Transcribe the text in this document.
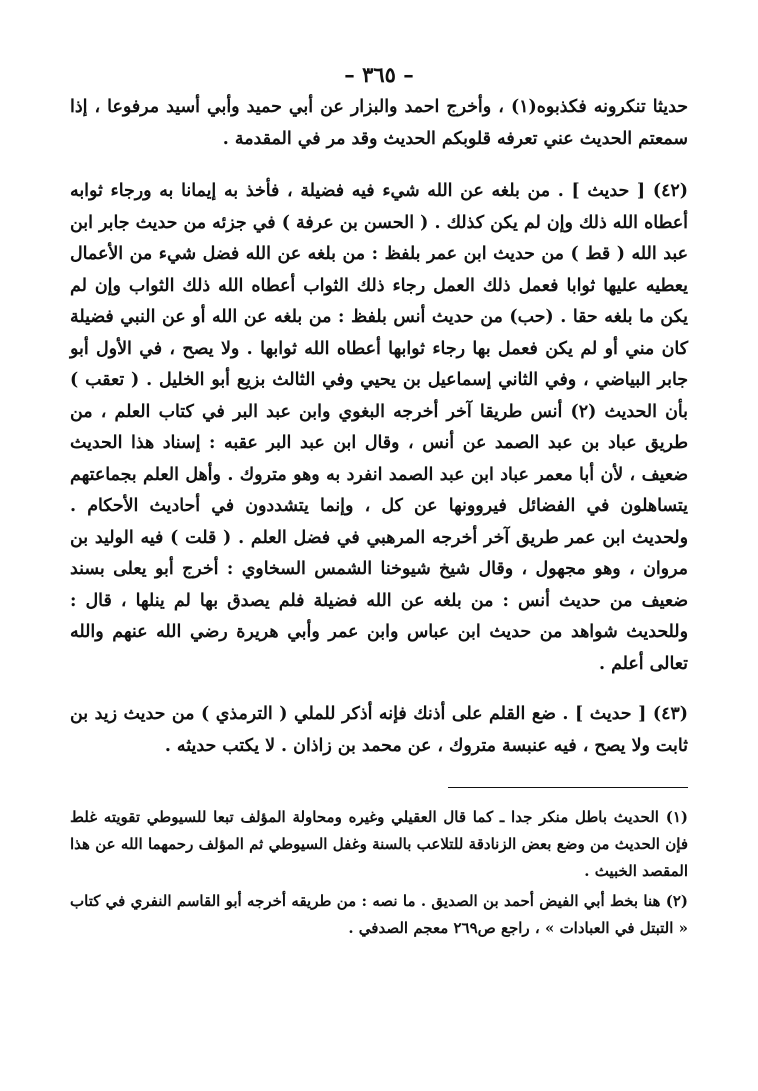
– ٣٦٥ –

حديثا تنكرونه فكذبوه(١) ، وأخرج احمد والبزار عن أبي حميد وأبي أسيد مرفوعا ، إذا سمعتم الحديث عني تعرفه قلوبكم الحديث وقد مر في المقدمة .

(٤٢) [ حديث ] . من بلغه عن الله شيء فيه فضيلة ، فأخذ به إيمانا به ورجاء ثوابه أعطاه الله ذلك وإن لم يكن كذلك . ( الحسن بن عرفة ) في جزئه من حديث جابر ابن عبد الله ( قط ) من حديث ابن عمر بلفظ : من بلغه عن الله فضل شيء من الأعمال يعطيه عليها ثوابا فعمل ذلك العمل رجاء ذلك الثواب أعطاه الله ذلك الثواب وإن لم يكن ما بلغه حقا . (حب) من حديث أنس بلفظ : من بلغه عن الله أو عن النبي فضيلة كان مني أو لم يكن فعمل بها رجاء ثوابها أعطاه الله ثوابها . ولا يصح ، في الأول أبو جابر البياضي ، وفي الثاني إسماعيل بن يحيي وفي الثالث بزيع أبو الخليل . ( تعقب ) بأن الحديث (٢) أنس طريقا آخر أخرجه البغوي وابن عبد البر في كتاب العلم ، من طريق عباد بن عبد الصمد عن أنس ، وقال ابن عبد البر عقبه : إسناد هذا الحديث ضعيف ، لأن أبا معمر عباد ابن عبد الصمد انفرد به وهو متروك . وأهل العلم بجماعتهم يتساهلون في الفضائل فيروونها عن كل ، وإنما يتشددون في أحاديث الأحكام . ولحديث ابن عمر طريق آخر أخرجه المرهبي في فضل العلم . ( قلت ) فيه الوليد بن مروان ، وهو مجهول ، وقال شيخ شيوخنا الشمس السخاوي : أخرج أبو يعلى بسند ضعيف من حديث أنس : من بلغه عن الله فضيلة فلم يصدق بها لم ينلها ، قال : وللحديث شواهد من حديث ابن عباس وابن عمر وأبي هريرة رضي الله عنهم والله تعالى أعلم .

(٤٣) [ حديث ] . ضع القلم على أذنك فإنه أذكر للملي ( الترمذي ) من حديث زيد بن ثابت ولا يصح ، فيه عنبسة متروك ، عن محمد بن زاذان . لا يكتب حديثه .

(١) الحديث باطل منكر جدا ـ كما قال العقيلي وغيره ومحاولة المؤلف تبعا للسيوطي تقويته غلط فإن الحديث من وضع بعض الزنادقة للتلاعب بالسنة وغفل السيوطي ثم المؤلف رحمهما الله عن هذا المقصد الخبيث .

(٢) هنا بخط أبي الفيض أحمد بن الصديق . ما نصه : من طريقه أخرجه أبو القاسم النفري في كتاب « التبتل في العبادات » ، راجع ص٢٦٩ معجم الصدفي .
